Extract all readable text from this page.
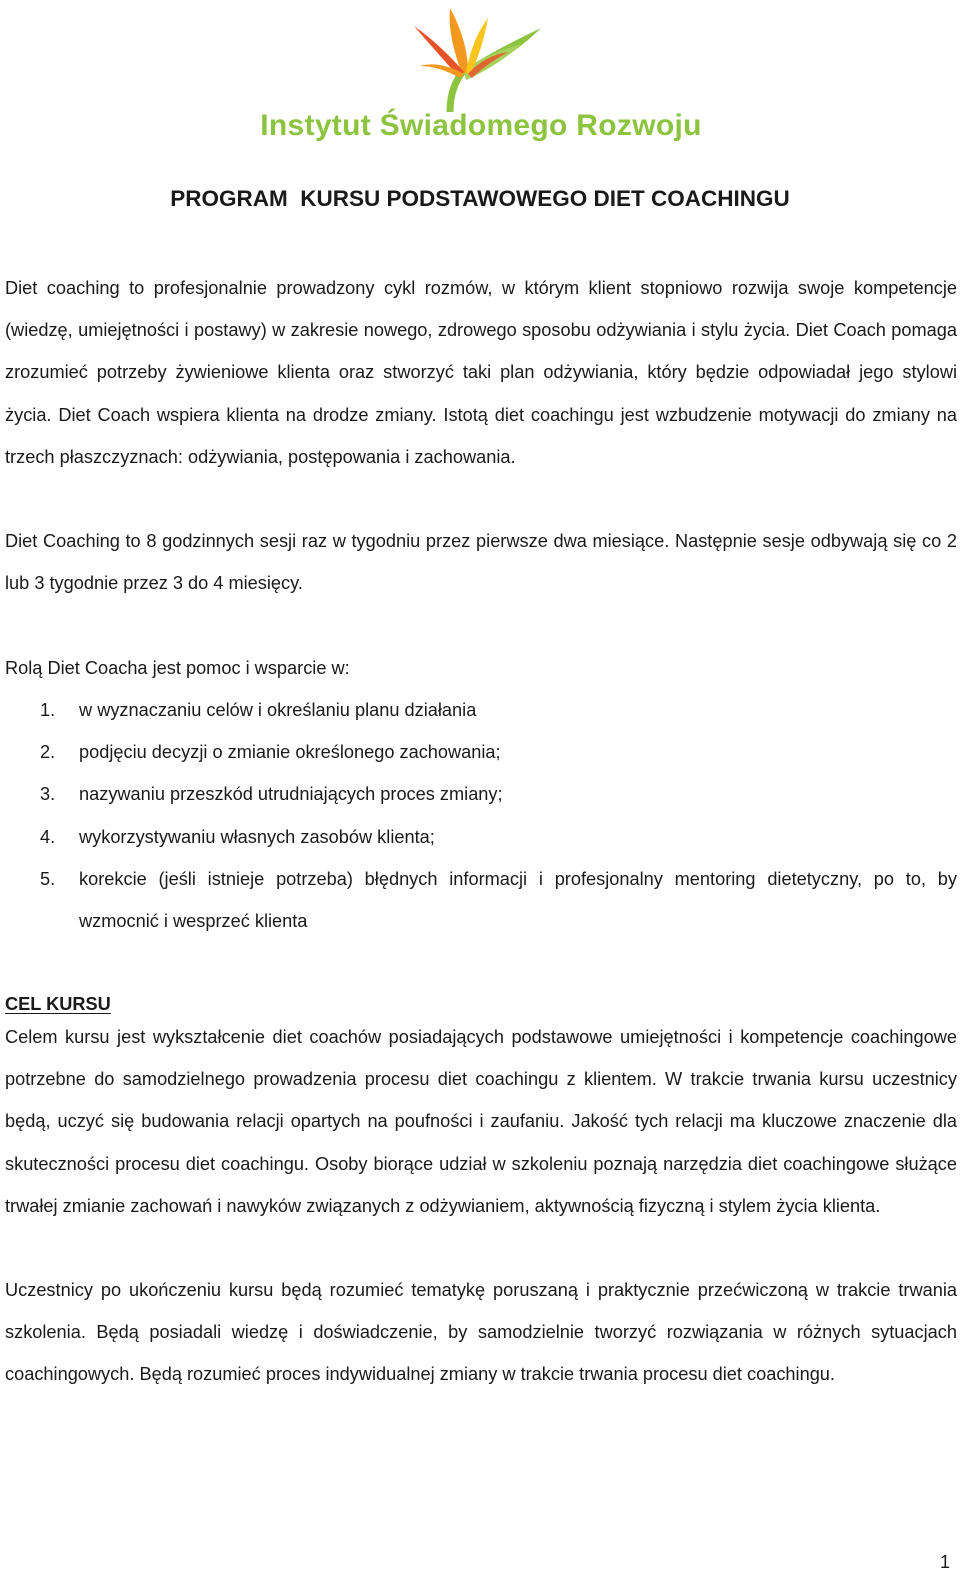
Instytut Świadomego Rozwoju
PROGRAM  KURSU PODSTAWOWEGO DIET COACHINGU

Diet coaching to profesjonalnie prowadzony cykl rozmów, w którym klient stopniowo rozwija swoje kompetencje (wiedzę, umiejętności i postawy) w zakresie nowego, zdrowego sposobu odżywiania i stylu życia. Diet Coach pomaga zrozumieć potrzeby żywieniowe klienta oraz stworzyć taki plan odżywiania, który będzie odpowiadał jego stylowi życia. Diet Coach wspiera klienta na drodze zmiany. Istotą diet coachingu jest wzbudzenie motywacji do zmiany na trzech płaszczyznach: odżywiania, postępowania i zachowania.

Diet Coaching to 8 godzinnych sesji raz w tygodniu przez pierwsze dwa miesiące. Następnie sesje odbywają się co 2 lub 3 tygodnie przez 3 do 4 miesięcy.

Rolą Diet Coacha jest pomoc i wsparcie w:

1. w wyznaczaniu celów i określaniu planu działania
2. podjęciu decyzji o zmianie określonego zachowania;
3. nazywaniu przeszkód utrudniających proces zmiany;
4. wykorzystywaniu własnych zasobów klienta;
5. korekcie (jeśli istnieje potrzeba) błędnych informacji i profesjonalny mentoring dietetyczny, po to, by wzmocnić i wesprzeć klienta
CEL KURSU

Celem kursu jest wykształcenie diet coachów posiadających podstawowe umiejętności i kompetencje coachingowe potrzebne do samodzielnego prowadzenia procesu diet coachingu z klientem. W trakcie trwania kursu uczestnicy będą, uczyć się budowania relacji opartych na poufności i zaufaniu. Jakość tych relacji ma kluczowe znaczenie dla skuteczności procesu diet coachingu. Osoby biorące udział w szkoleniu poznają narzędzia diet coachingowe służące trwałej zmianie zachowań i nawyków związanych z odżywianiem, aktywnością fizyczną i stylem życia klienta.

Uczestnicy po ukończeniu kursu będą rozumieć tematykę poruszaną i praktycznie przećwiczoną w trakcie trwania szkolenia. Będą posiadali wiedzę i doświadczenie, by samodzielnie tworzyć rozwiązania w różnych sytuacjach coachingowych. Będą rozumieć proces indywidualnej zmiany w trakcie trwania procesu diet coachingu.

1
